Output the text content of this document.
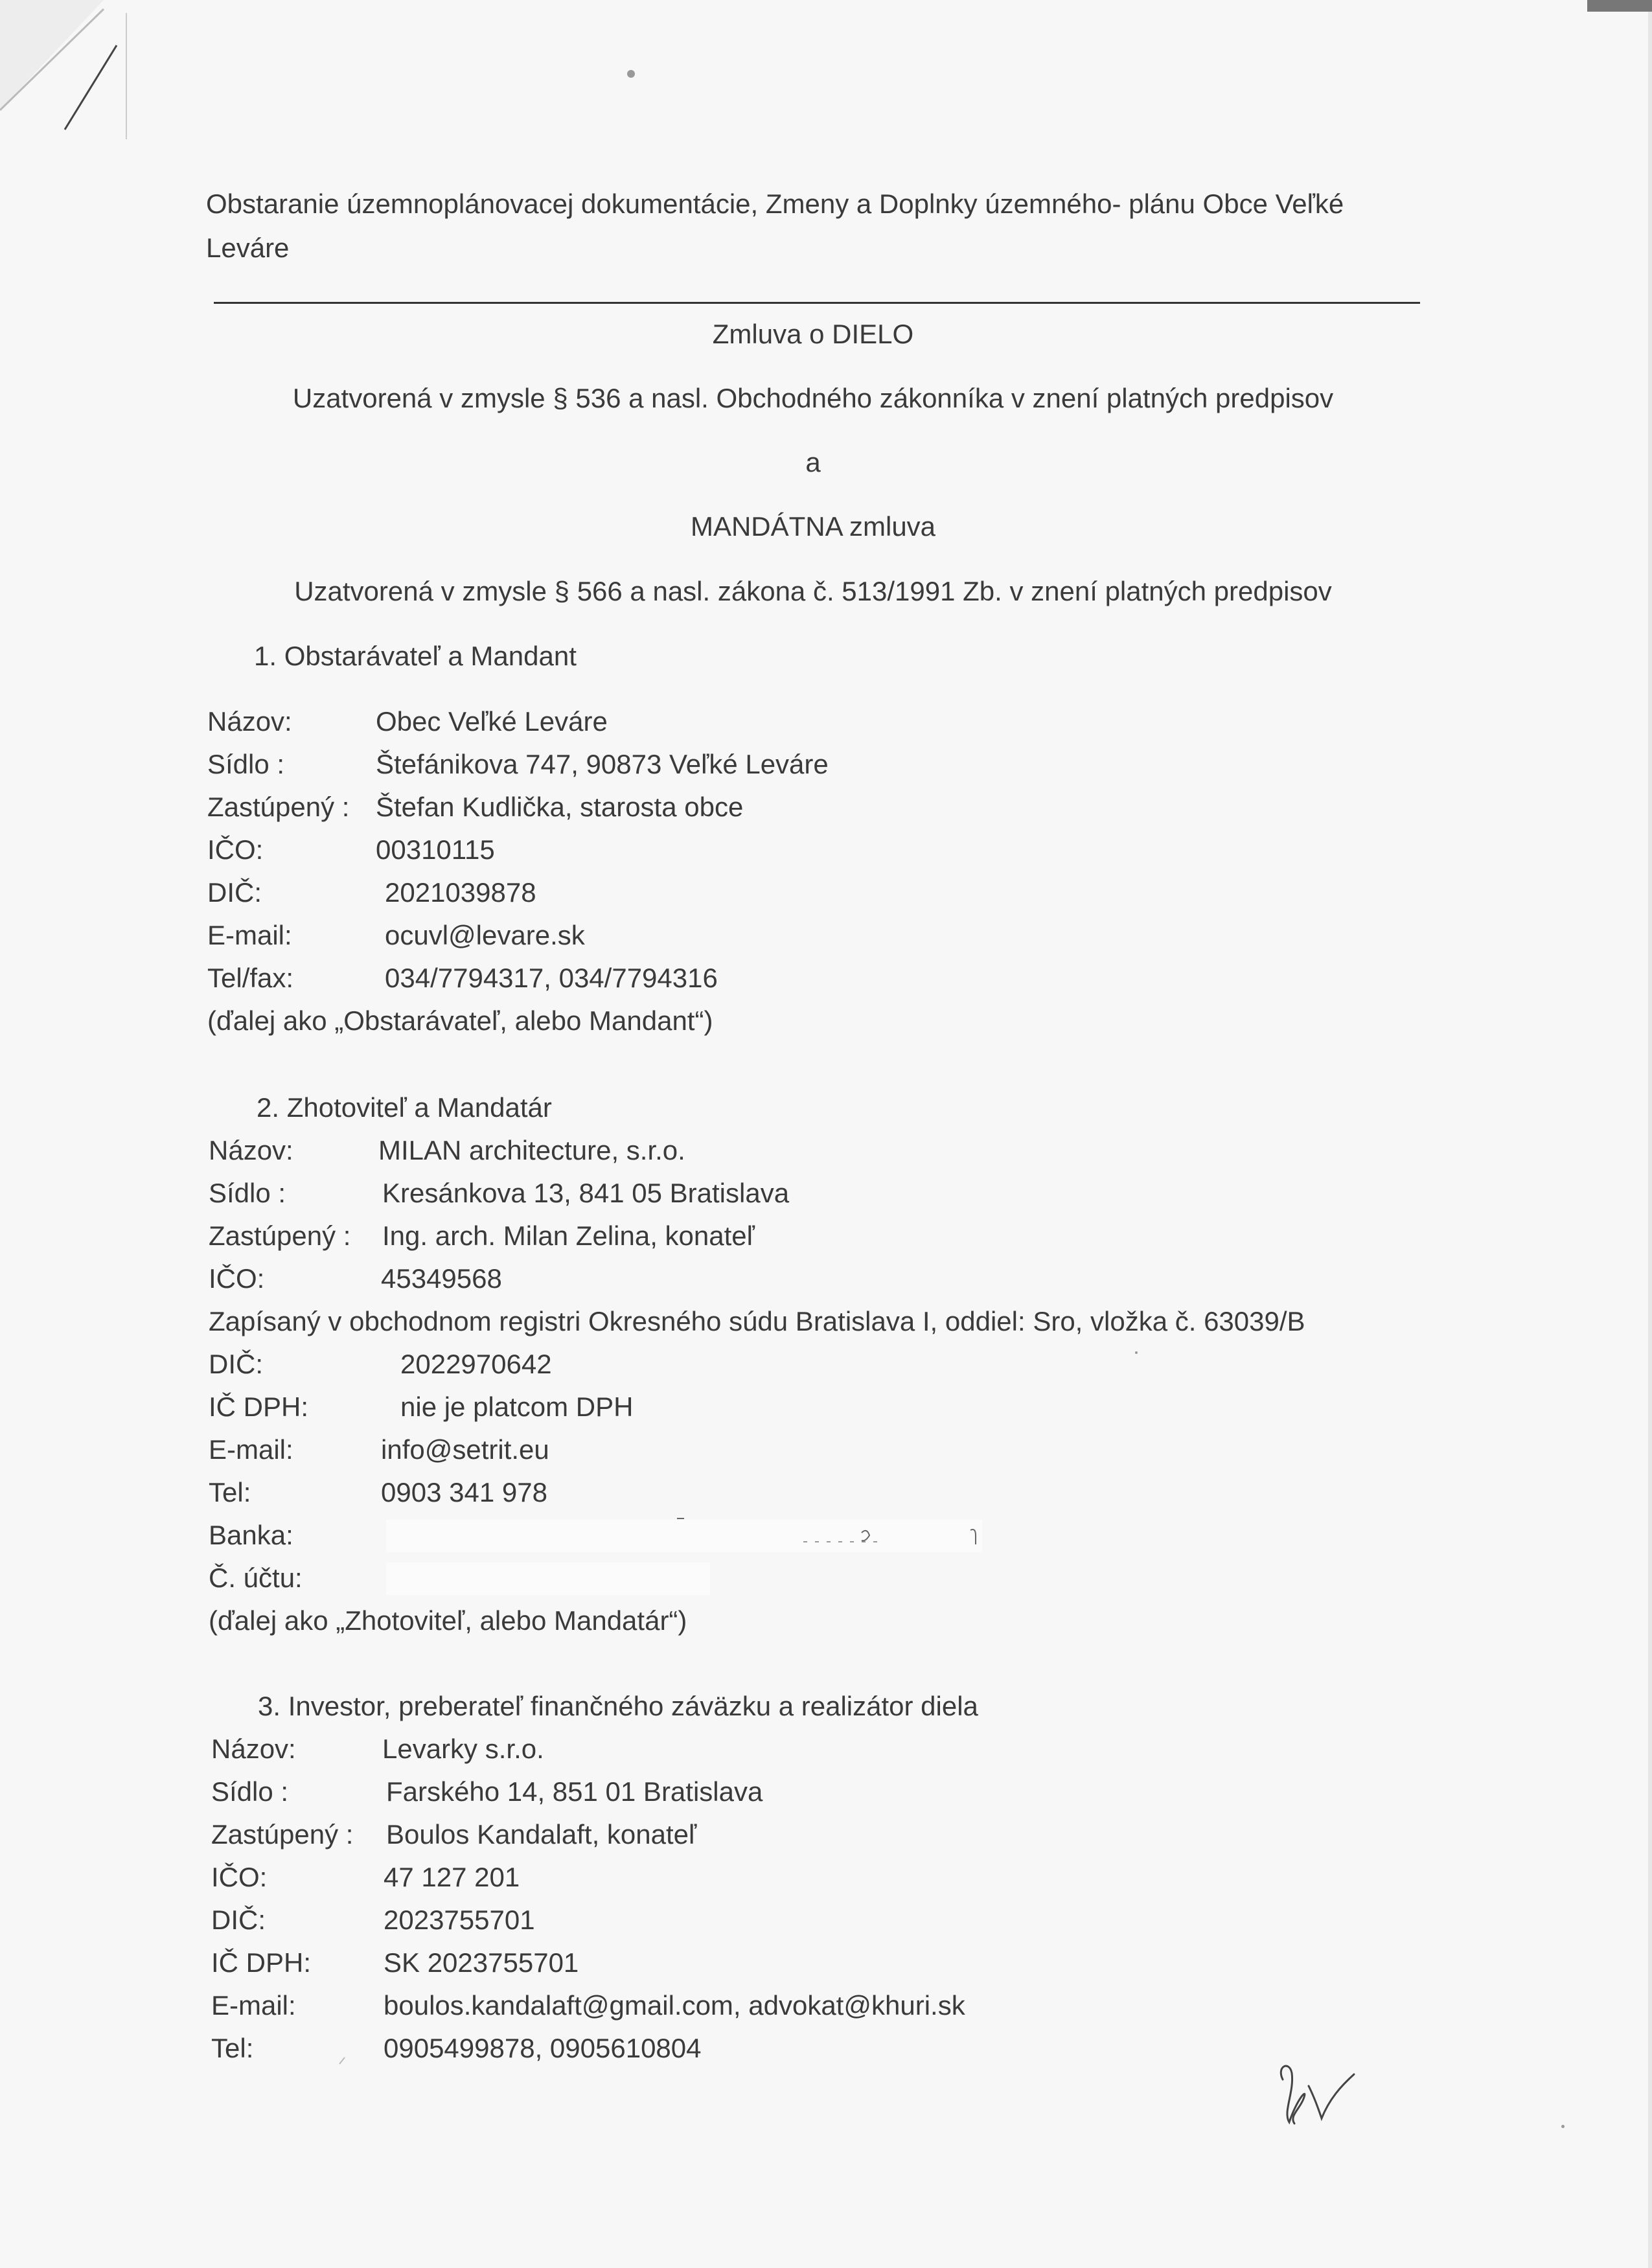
Obstaranie územnoplánovacej dokumentácie, Zmeny a Doplnky územného- plánu Obce Veľké
Leváre
Zmluva o DIELO
Uzatvorená v zmysle § 536 a nasl. Obchodného zákonníka v znení platných predpisov
a
MANDÁTNA zmluva
Uzatvorená v zmysle § 566 a nasl. zákona č. 513/1991 Zb. v znení platných predpisov
1. Obstarávateľ a Mandant
Názov:	Obec Veľké Leváre
Sídlo :	Štefánikova 747, 90873 Veľké Leváre
Zastúpený : Štefan Kudlička, starosta obce
IČO:	00310115
DIČ:	2021039878
E-mail:	ocuvl@levare.sk
Tel/fax:	034/7794317, 034/7794316
(ďalej ako „Obstarávateľ, alebo Mandant“)
2. Zhotoviteľ a Mandatár
Názov:	MILAN architecture, s.r.o.
Sídlo :	Kresánkova 13, 841 05 Bratislava
Zastúpený : Ing. arch. Milan Zelina, konateľ
IČO:	45349568
Zapísaný v obchodnom registri Okresného súdu Bratislava I, oddiel: Sro, vložka č. 63039/B
DIČ:	2022970642
IČ DPH:	nie je platcom DPH
E-mail:	info@setrit.eu
Tel:	0903 341 978
Banka:
Č. účtu:
(ďalej ako „Zhotoviteľ, alebo Mandatár“)
3. Investor, preberateľ finančného záväzku a realizátor diela
Názov:	Levarky s.r.o.
Sídlo :	Farského 14, 851 01 Bratislava
Zastúpený : Boulos Kandalaft, konateľ
IČO:	47 127 201
DIČ:	2023755701
IČ DPH:	SK 2023755701
E-mail:	boulos.kandalaft@gmail.com, advokat@khuri.sk
Tel:	0905499878, 0905610804
